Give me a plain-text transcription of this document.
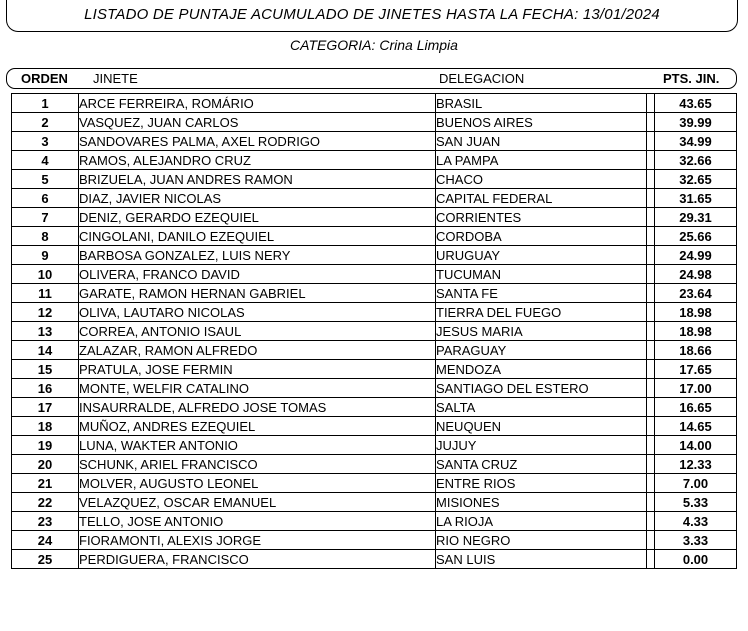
LISTADO DE PUNTAJE ACUMULADO DE JINETES HASTA LA FECHA: 13/01/2024
CATEGORIA: Crina Limpia
ORDEN JINETE	DELEGACION	PTS. JIN.
1	ARCE FERREIRA, ROMÁRIO	BRASIL		43.65
2	VASQUEZ, JUAN CARLOS	BUENOS AIRES		39.99
3	SANDOVARES PALMA, AXEL RODRIGO	SAN JUAN		34.99
4	RAMOS, ALEJANDRO CRUZ	LA PAMPA		32.66
5	BRIZUELA, JUAN ANDRES RAMON	CHACO		32.65
6	DIAZ, JAVIER NICOLAS	CAPITAL FEDERAL		31.65
7	DENIZ, GERARDO EZEQUIEL	CORRIENTES		29.31
8	CINGOLANI, DANILO EZEQUIEL	CORDOBA		25.66
9	BARBOSA GONZALEZ, LUIS NERY	URUGUAY		24.99
10	OLIVERA, FRANCO DAVID	TUCUMAN		24.98
11	GARATE, RAMON HERNAN GABRIEL	SANTA FE		23.64
12	OLIVA, LAUTARO NICOLAS	TIERRA DEL FUEGO		18.98
13	CORREA, ANTONIO ISAUL	JESUS MARIA		18.98
14	ZALAZAR, RAMON ALFREDO	PARAGUAY		18.66
15	PRATULA, JOSE FERMIN	MENDOZA		17.65
16	MONTE, WELFIR CATALINO	SANTIAGO DEL ESTERO		17.00
17	INSAURRALDE, ALFREDO JOSE TOMAS	SALTA		16.65
18	MUÑOZ, ANDRES EZEQUIEL	NEUQUEN		14.65
19	LUNA, WAKTER ANTONIO	JUJUY		14.00
20	SCHUNK, ARIEL FRANCISCO	SANTA CRUZ		12.33
21	MOLVER, AUGUSTO LEONEL	ENTRE RIOS		7.00
22	VELAZQUEZ, OSCAR EMANUEL	MISIONES		5.33
23	TELLO, JOSE ANTONIO	LA RIOJA		4.33
24	FIORAMONTI, ALEXIS JORGE	RIO NEGRO		3.33
25	PERDIGUERA, FRANCISCO	SAN LUIS		0.00
